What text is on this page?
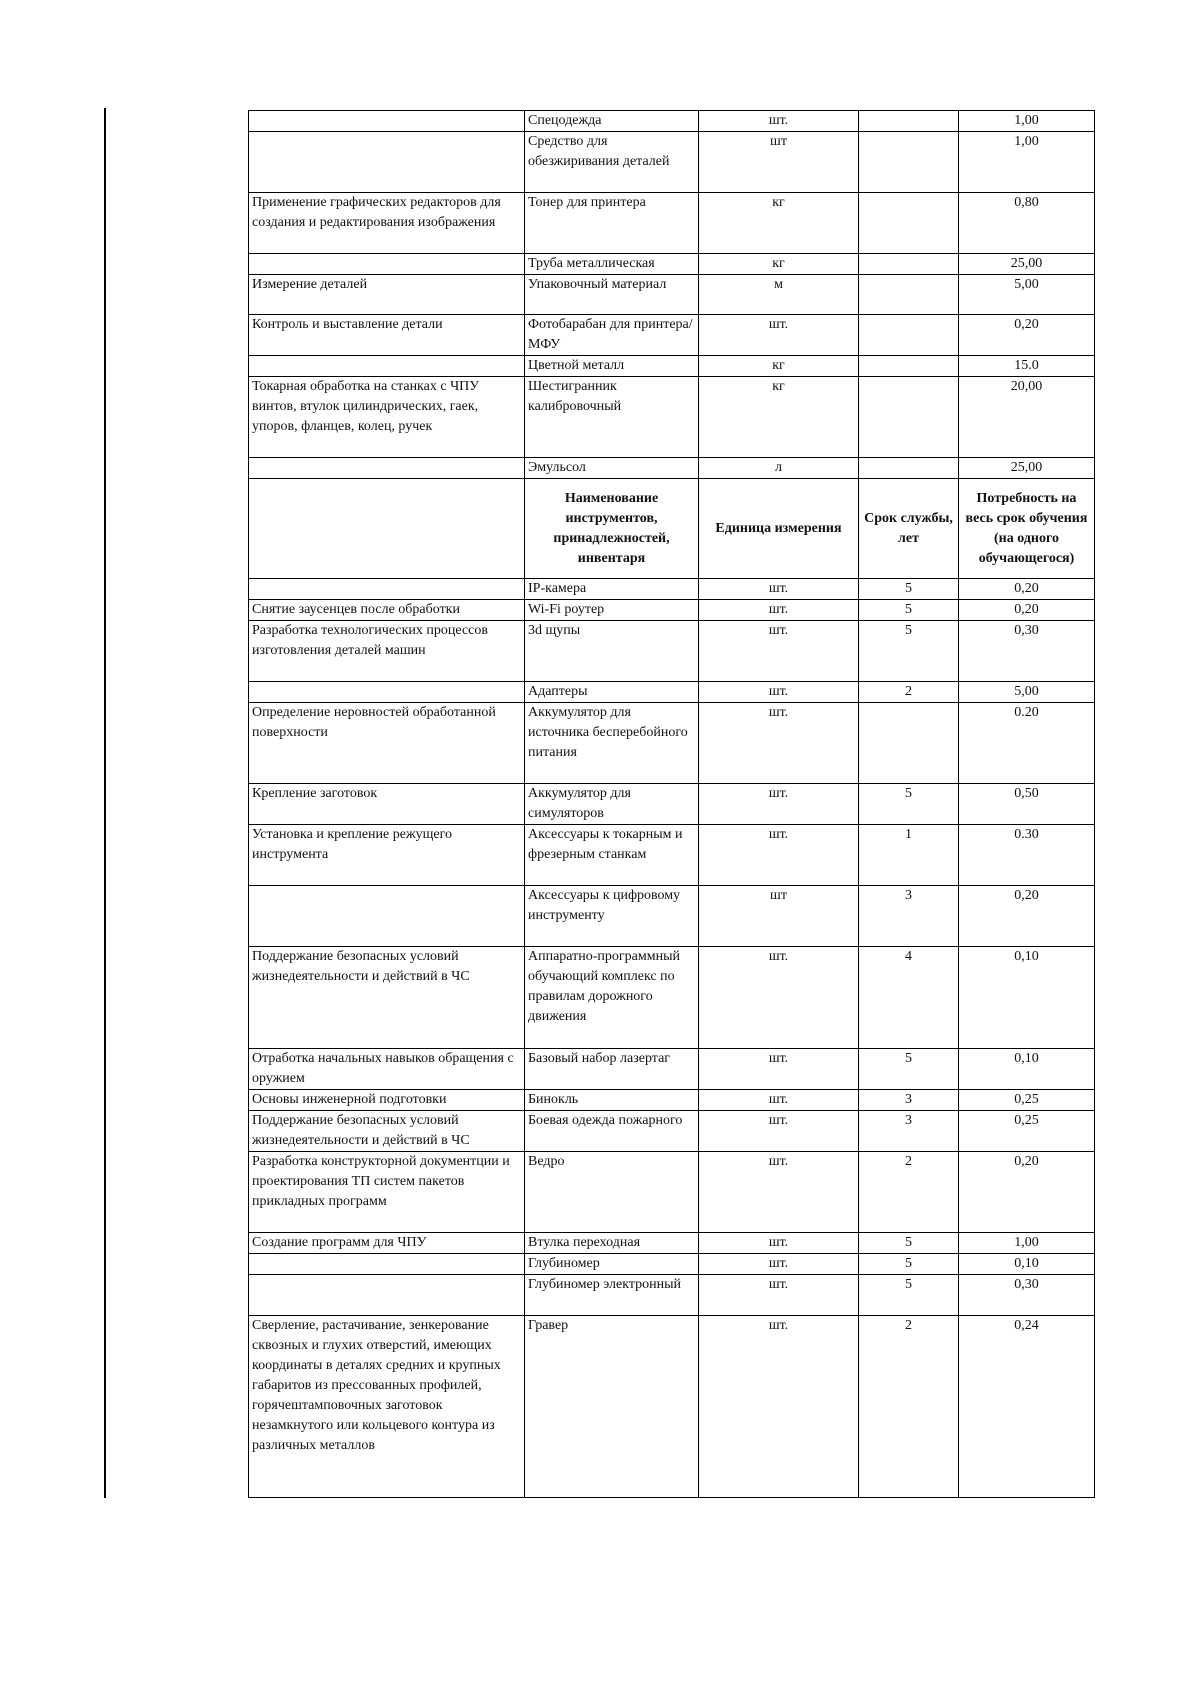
	Спецодежда	шт.		1,00
	Средство для обезжиривания деталей	шт		1,00
Применение графических редакторов для создания и редактирования изображения	Тонер для принтера	кг		0,80
	Труба металлическая	кг		25,00
Измерение деталей	Упаковочный материал	м		5,00
Контроль и выставление детали	Фотобарабан для принтера/МФУ	шт.		0,20
	Цветной металл	кг		15.0
Токарная обработка на станках с ЧПУ винтов, втулок цилиндрических, гаек, упоров, фланцев, колец, ручек	Шестигранник калибровочный	кг		20,00
	Эмульсол	л		25,00
	Наименование инструментов, принадлежностей, инвентаря	Единица измерения	Срок службы, лет	Потребность на весь срок обучения (на одного обучающегося)
	IP-камера	шт.	5	0,20
Снятие заусенцев после обработки	Wi-Fi роутер	шт.	5	0,20
Разработка технологических процессов изготовления деталей машин	3d щупы	шт.	5	0,30
	Адаптеры	шт.	2	5,00
Определение неровностей обработанной поверхности	Аккумулятор для источника бесперебойного питания	шт.		0.20
Крепление заготовок	Аккумулятор для симуляторов	шт.	5	0,50
Установка и крепление режущего инструмента	Аксессуары к токарным и фрезерным станкам	шт.	1	0.30
	Аксессуары к цифровому инструменту	шт	3	0,20
Поддержание безопасных условий жизнедеятельности и действий в ЧС	Аппаратно-программный обучающий комплекс по правилам дорожного движения	шт.	4	0,10
Отработка начальных навыков обращения с оружием	Базовый набор лазертаг	шт.	5	0,10
Основы инженерной подготовки	Бинокль	шт.	3	0,25
Поддержание безопасных условий жизнедеятельности и действий в ЧС	Боевая одежда пожарного	шт.	3	0,25
Разработка конструкторной документции и проектирования ТП систем пакетов прикладных программ	Ведро	шт.	2	0,20
Создание программ для ЧПУ	Втулка переходная	шт.	5	1,00
	Глубиномер	шт.	5	0,10
	Глубиномер электронный	шт.	5	0,30
Сверление, растачивание, зенкерование сквозных и глухих отверстий, имеющих координаты в деталях средних и крупных габаритов из прессованных профилей, горячештамповочных заготовок незамкнутого или кольцевого контура из различных металлов	Гравер	шт.	2	0,24
